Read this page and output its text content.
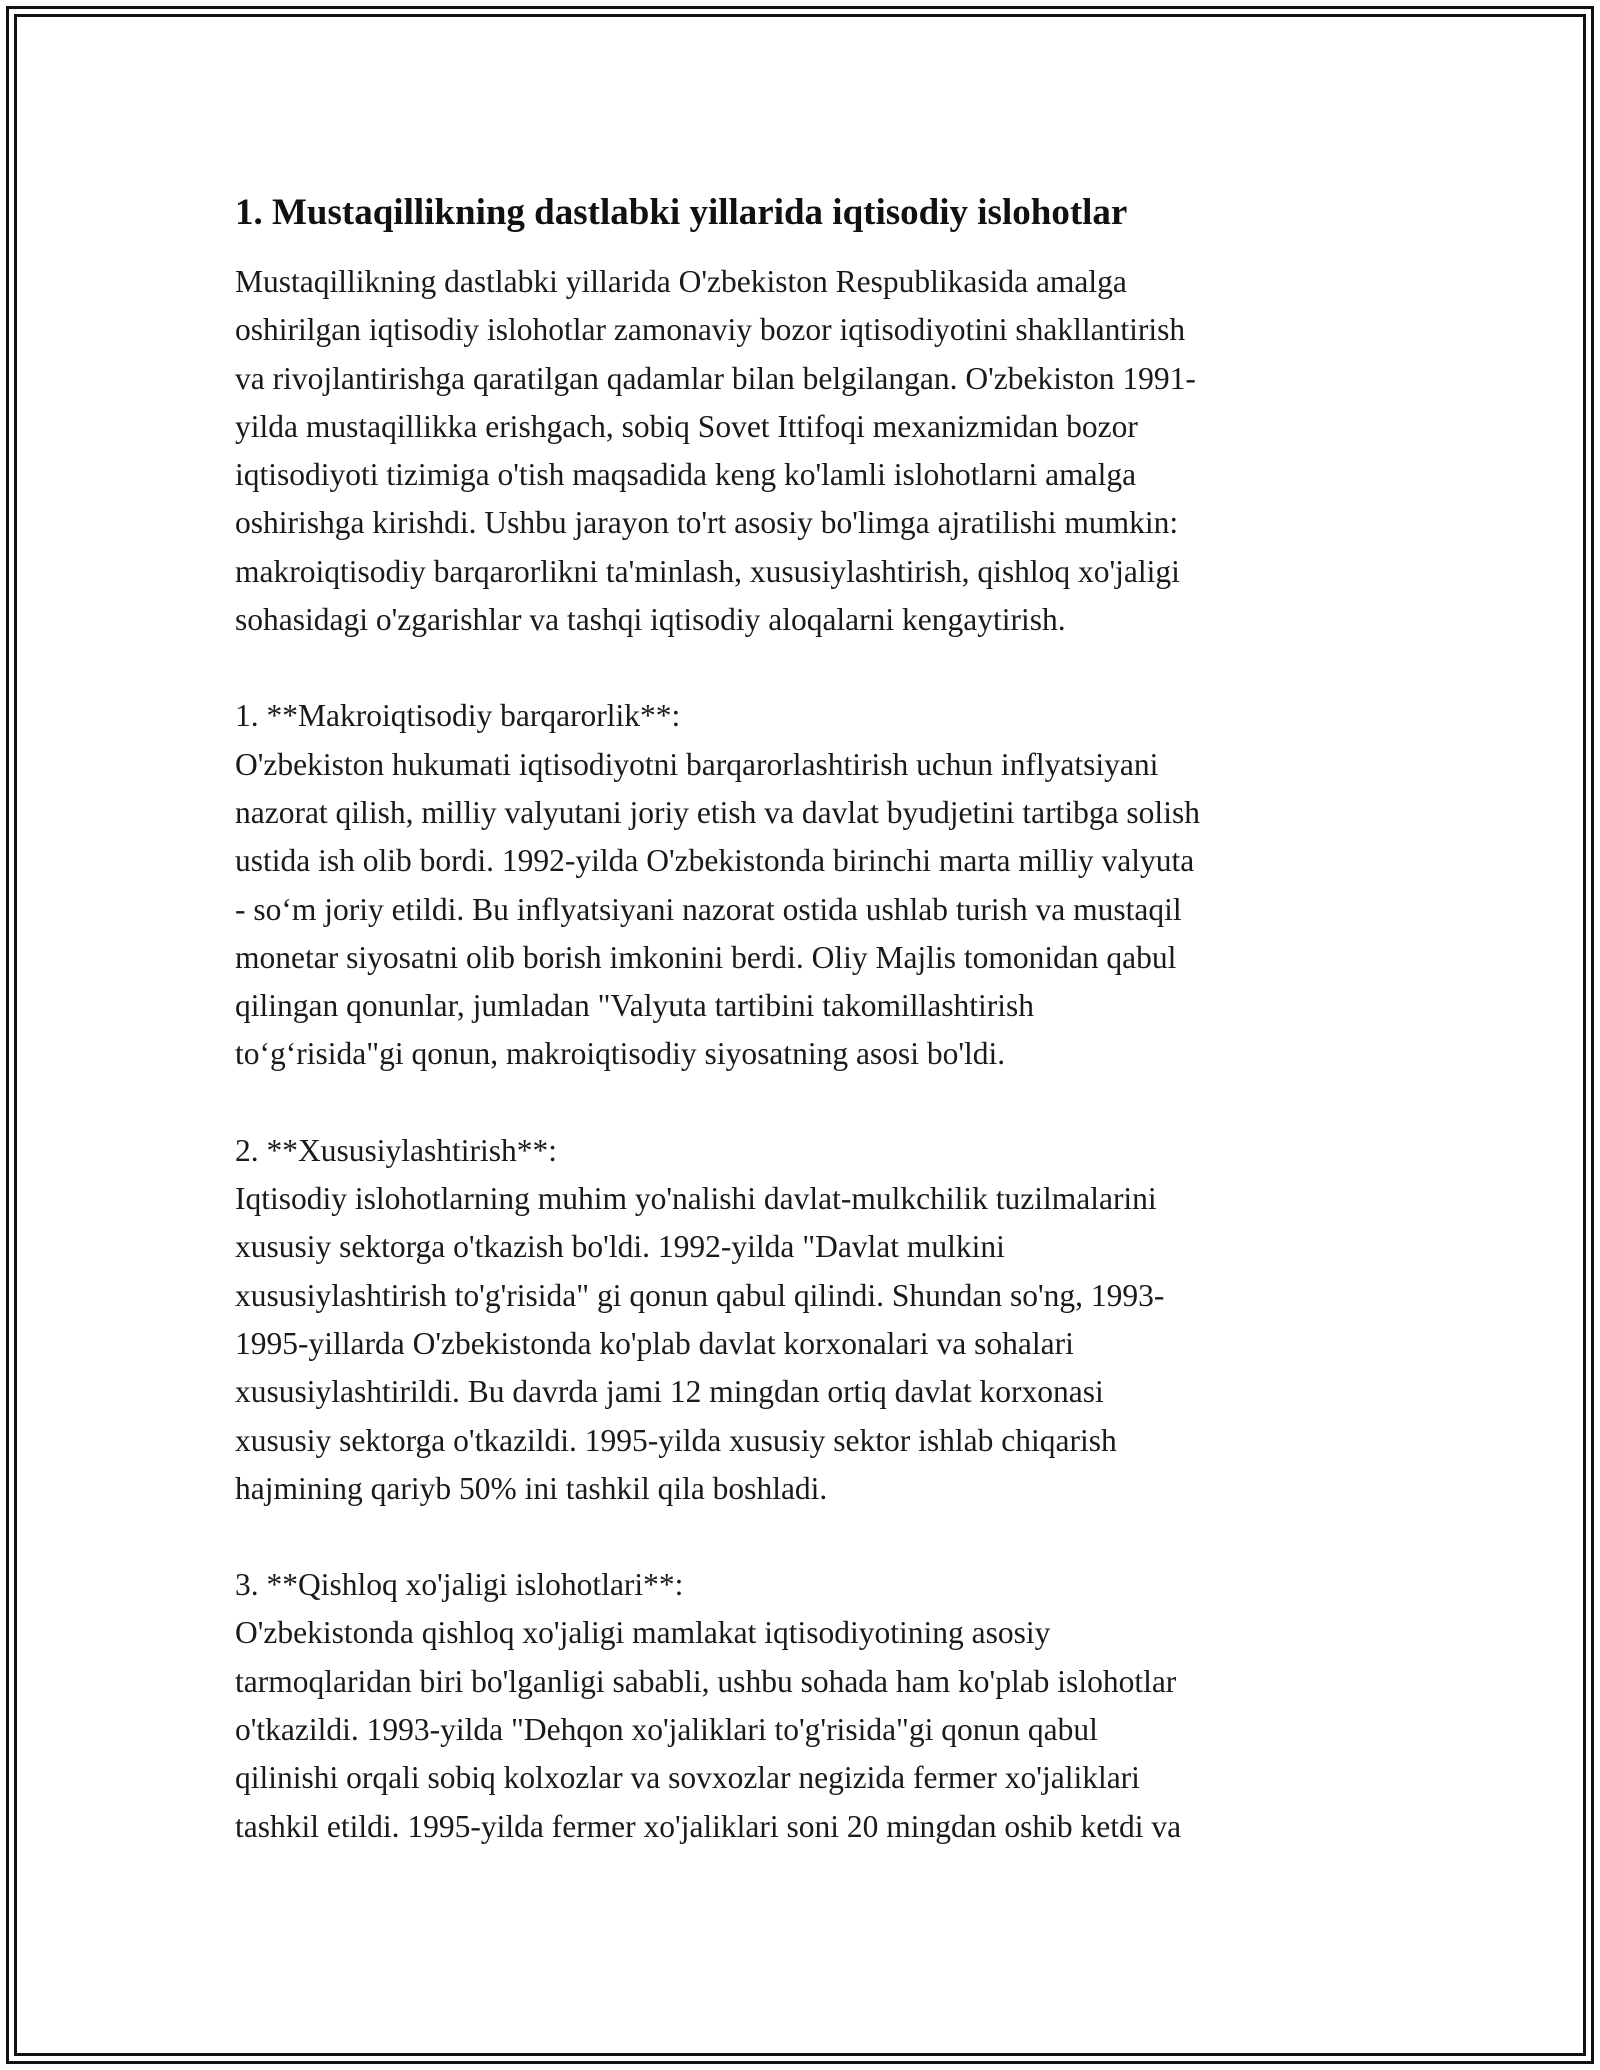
1. Mustaqillikning dastlabki yillarida iqtisodiy islohotlar

Mustaqillikning dastlabki yillarida O'zbekiston Respublikasida amalga
oshirilgan iqtisodiy islohotlar zamonaviy bozor iqtisodiyotini shakllantirish
va rivojlantirishga qaratilgan qadamlar bilan belgilangan. O'zbekiston 1991-
yilda mustaqillikka erishgach, sobiq Sovet Ittifoqi mexanizmidan bozor
iqtisodiyoti tizimiga o'tish maqsadida keng ko'lamli islohotlarni amalga
oshirishga kirishdi. Ushbu jarayon to'rt asosiy bo'limga ajratilishi mumkin:
makroiqtisodiy barqarorlikni ta'minlash, xususiylashtirish, qishloq xo'jaligi
sohasidagi o'zgarishlar va tashqi iqtisodiy aloqalarni kengaytirish.

1. **Makroiqtisodiy barqarorlik**:

O'zbekiston hukumati iqtisodiyotni barqarorlashtirish uchun inflyatsiyani
nazorat qilish, milliy valyutani joriy etish va davlat byudjetini tartibga solish
ustida ish olib bordi. 1992-yilda O'zbekistonda birinchi marta milliy valyuta
- so‘m joriy etildi. Bu inflyatsiyani nazorat ostida ushlab turish va mustaqil
monetar siyosatni olib borish imkonini berdi. Oliy Majlis tomonidan qabul
qilingan qonunlar, jumladan "Valyuta tartibini takomillashtirish
to‘g‘risida"gi qonun, makroiqtisodiy siyosatning asosi bo'ldi.

2. **Xususiylashtirish**:

Iqtisodiy islohotlarning muhim yo'nalishi davlat-mulkchilik tuzilmalarini
xususiy sektorga o'tkazish bo'ldi. 1992-yilda "Davlat mulkini
xususiylashtirish to'g'risida" gi qonun qabul qilindi. Shundan so'ng, 1993-
1995-yillarda O'zbekistonda ko'plab davlat korxonalari va sohalari
xususiylashtirildi. Bu davrda jami 12 mingdan ortiq davlat korxonasi
xususiy sektorga o'tkazildi. 1995-yilda xususiy sektor ishlab chiqarish
hajmining qariyb 50% ini tashkil qila boshladi.

3. **Qishloq xo'jaligi islohotlari**:

O'zbekistonda qishloq xo'jaligi mamlakat iqtisodiyotining asosiy
tarmoqlaridan biri bo'lganligi sababli, ushbu sohada ham ko'plab islohotlar
o'tkazildi. 1993-yilda "Dehqon xo'jaliklari to'g'risida"gi qonun qabul
qilinishi orqali sobiq kolxozlar va sovxozlar negizida fermer xo'jaliklari
tashkil etildi. 1995-yilda fermer xo'jaliklari soni 20 mingdan oshib ketdi va
